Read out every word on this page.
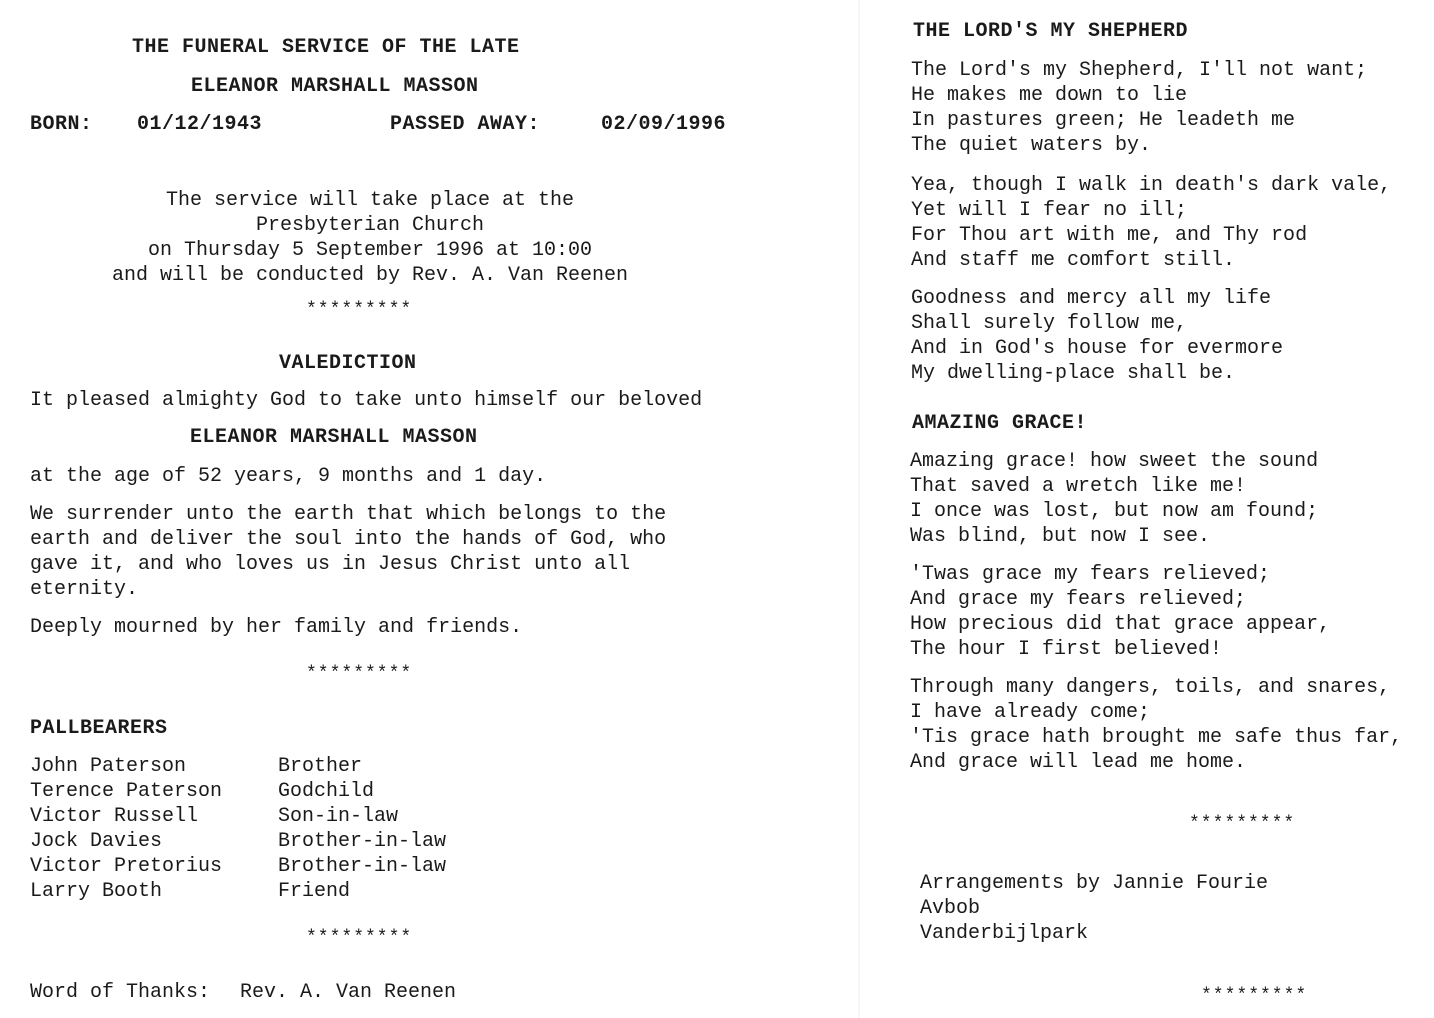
THE FUNERAL SERVICE OF THE LATE
ELEANOR MARSHALL MASSON
BORN: 01/12/1943	PASSED AWAY:	02/09/1996
The service will take place at the
Presbyterian Church
on Thursday 5 September 1996 at 10:00
and will be conducted by Rev. A. Van Reenen
*********
VALEDICTION
It pleased almighty God to take unto himself our beloved
ELEANOR MARSHALL MASSON
at the age of 52 years, 9 months and 1 day.
We surrender unto the earth that which belongs to the
earth and deliver the soul into the hands of God, who
gave it, and who loves us in Jesus Christ unto all
eternity.
Deeply mourned by her family and friends.
*********
PALLBEARERS
John Paterson
Terence Paterson
Victor Russell
Jock Davies
Victor Pretorius
Larry Booth
Brother
Godchild
Son-in-law
Brother-in-law
Brother-in-law
Friend
*********
Word of Thanks: Rev. A. Van Reenen
THE LORD'S MY SHEPHERD
The Lord's my Shepherd, I'll not want;
He makes me down to lie
In pastures green; He leadeth me
The quiet waters by.
Yea, though I walk in death's dark vale,
Yet will I fear no ill;
For Thou art with me, and Thy rod
And staff me comfort still.
Goodness and mercy all my life
Shall surely follow me,
And in God's house for evermore
My dwelling-place shall be.
AMAZING GRACE!
Amazing grace! how sweet the sound
That saved a wretch like me!
I once was lost, but now am found;
Was blind, but now I see.
'Twas grace my fears relieved;
And grace my fears relieved;
How precious did that grace appear,
The hour I first believed!
Through many dangers, toils, and snares,
I have already come;
'Tis grace hath brought me safe thus far,
And grace will lead me home.
*********
Arrangements by Jannie Fourie
Avbob
Vanderbijlpark
*********
